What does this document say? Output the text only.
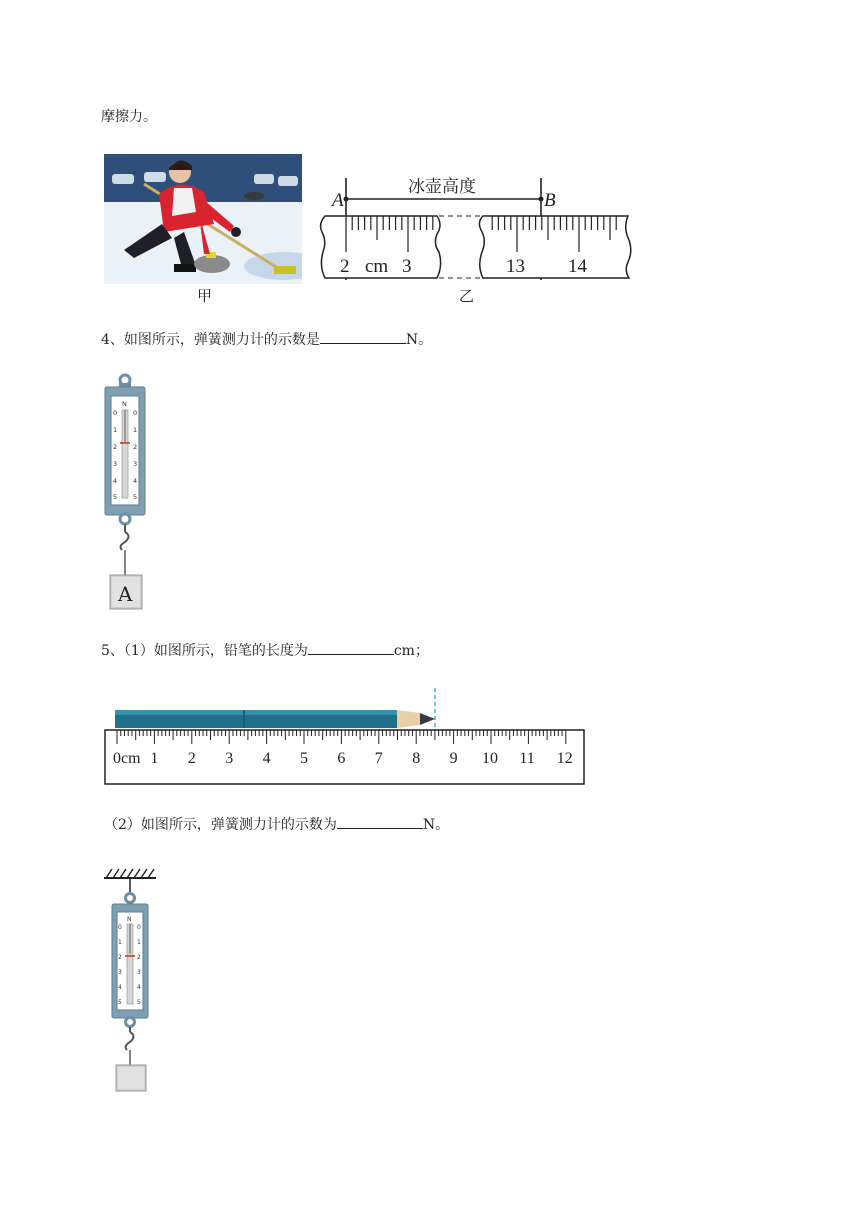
摩擦力。
甲
冰壶高度
A	B
2 cm 3	13 14
乙
4、如图所示，弹簧测力计的示数是	N。
N
0
1
2
3
4
5
0
1
2
3
4
5
A
5、（1）如图所示，铅笔的长度为	cm；
0cm 1 2 3 4 5 6 7 8 9 10 11 12
（2）如图所示，弹簧测力计的示数为	N。
N
0
1
2
3
4
5
0
1
2
3
4
5
